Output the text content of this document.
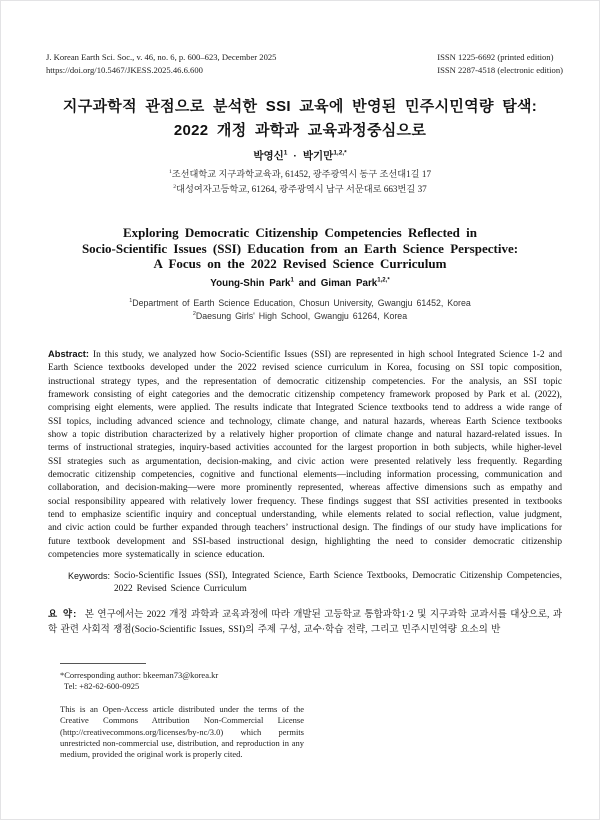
J. Korean Earth Sci. Soc., v. 46, no. 6, p. 600–623, December 2025
https://doi.org/10.5467/JKESS.2025.46.6.600
ISSN 1225-6692 (printed edition)
ISSN 2287-4518 (electronic edition)
지구과학적 관점으로 분석한 SSI 교육에 반영된 민주시민역량 탐색:
2022 개정 과학과 교육과정중심으로
박영신$^1$ · 박기만$^{1,2,*}$
$^1$조선대학교 지구과학교육과, 61452, 광주광역시 동구 조선대1길 17
$^2$대성여자고등학교, 61264, 광주광역시 남구 서문대로 663번길 37
Exploring Democratic Citizenship Competencies Reflected in
Socio-Scientific Issues (SSI) Education from an Earth Science Perspective:
A Focus on the 2022 Revised Science Curriculum
Young-Shin Park$^1$ and Giman Park$^{1,2,*}$
$^1$Department of Earth Science Education, Chosun University, Gwangju 61452, Korea
$^2$Daesung Girls' High School, Gwangju 61264, Korea

Abstract: In this study, we analyzed how Socio-Scientific Issues (SSI) are represented in high school Integrated Science 1-2 and Earth Science textbooks developed under the 2022 revised science curriculum in Korea, focusing on SSI topic composition, instructional strategy types, and the representation of democratic citizenship competencies. For the analysis, an SSI topic framework consisting of eight categories and the democratic citizenship competency framework proposed by Park et al. (2022), comprising eight elements, were applied. The results indicate that Integrated Science textbooks tend to address a wide range of SSI topics, including advanced science and technology, climate change, and natural hazards, whereas Earth Science textbooks show a topic distribution characterized by a relatively higher proportion of climate change and natural hazard-related issues. In terms of instructional strategies, inquiry-based activities accounted for the largest proportion in both subjects, while higher-level SSI strategies such as argumentation, decision-making, and civic action were presented relatively less frequently. Regarding democratic citizenship competencies, cognitive and functional elements—including information processing, communication and collaboration, and decision-making—were more prominently represented, whereas affective dimensions such as empathy and social responsibility appeared with relatively lower frequency. These findings suggest that SSI activities presented in textbooks tend to emphasize scientific inquiry and conceptual understanding, while elements related to social reflection, value judgment, and civic action could be further expanded through teachers’ instructional design. The findings of our study have implications for future textbook development and SSI-based instructional design, highlighting the need to consider democratic citizenship competencies more systematically in science education.

Keywords: Socio-Scientific Issues (SSI), Integrated Science, Earth Science Textbooks, Democratic Citizenship Competencies, 2022 Revised Science Curriculum

요 약: 본 연구에서는 2022 개정 과학과 교육과정에 따라 개발된 고등학교 통합과학1·2 및 지구과학 교과서를 대상으로, 과학 관련 사회적 쟁점(Socio-Scientific Issues, SSI)의 주제 구성, 교수·학습 전략, 그리고 민주시민역량 요소의 반

*Corresponding author: bkeeman73@korea.kr
Tel: +82-62-600-0925
This is an Open-Access article distributed under the terms of the Creative Commons Attribution Non-Commercial License (http://creativecommons.org/licenses/by-nc/3.0) which permits unrestricted non-commercial use, distribution, and reproduction in any medium, provided the original work is properly cited.
